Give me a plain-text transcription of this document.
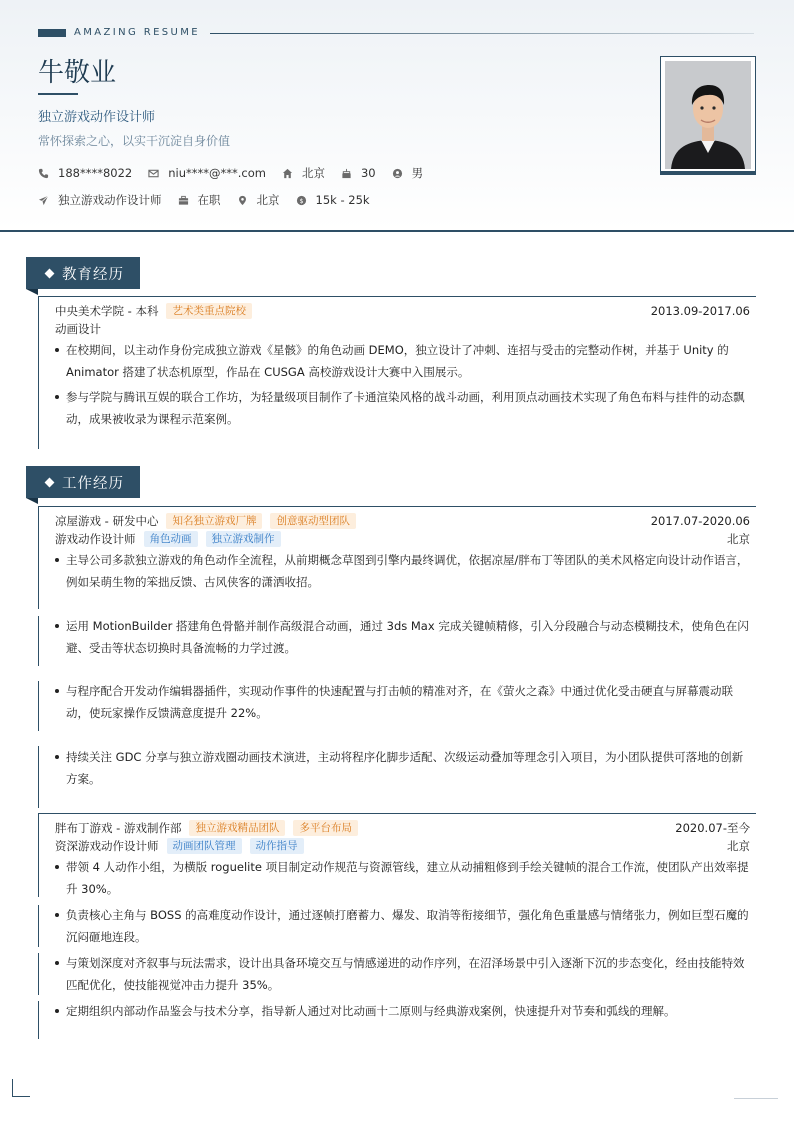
AMAZING RESUME
牛敬业
独立游戏动作设计师
常怀探索之心，以实干沉淀自身价值
188****8022	niu****@***.com	北京	30	男
独立游戏动作设计师	在职	北京	$ 15k - 25k
教育经历
中央美术学院 - 本科	艺术类重点院校	2013.09-2017.06
动画设计
在校期间，以主动作身份完成独立游戏《星骸》的角色动画 DEMO，独立设计了冲刺、连招与受击的完整动作树，并基于 Unity 的 Animator 搭建了状态机原型，作品在 CUSGA 高校游戏设计大赛中入围展示。
参与学院与腾讯互娱的联合工作坊，为轻量级项目制作了卡通渲染风格的战斗动画，利用顶点动画技术实现了角色布料与挂件的动态飘动，成果被收录为课程示范案例。
工作经历
凉屋游戏 - 研发中心	知名独立游戏厂牌	创意驱动型团队	2017.07-2020.06
游戏动作设计师	角色动画	独立游戏制作	北京
主导公司多款独立游戏的角色动作全流程，从前期概念草图到引擎内最终调优，依据凉屋/胖布丁等团队的美术风格定向设计动作语言，例如呆萌生物的笨拙反馈、古风侠客的潇洒收招。
运用 MotionBuilder 搭建角色骨骼并制作高级混合动画，通过 3ds Max 完成关键帧精修，引入分段融合与动态模糊技术，使角色在闪避、受击等状态切换时具备流畅的力学过渡。
与程序配合开发动作编辑器插件，实现动作事件的快速配置与打击帧的精准对齐，在《萤火之森》中通过优化受击硬直与屏幕震动联动，使玩家操作反馈满意度提升 22%。
持续关注 GDC 分享与独立游戏圈动画技术演进，主动将程序化脚步适配、次级运动叠加等理念引入项目，为小团队提供可落地的创新方案。
胖布丁游戏 - 游戏制作部	独立游戏精品团队	多平台布局	2020.07-至今
资深游戏动作设计师	动画团队管理	动作指导	北京
带领 4 人动作小组，为横版 roguelite 项目制定动作规范与资源管线，建立从动捕粗修到手绘关键帧的混合工作流，使团队产出效率提升 30%。
负责核心主角与 BOSS 的高难度动作设计，通过逐帧打磨蓄力、爆发、取消等衔接细节，强化角色重量感与情绪张力，例如巨型石魔的沉闷砸地连段。
与策划深度对齐叙事与玩法需求，设计出具备环境交互与情感递进的动作序列，在沼泽场景中引入逐渐下沉的步态变化，经由技能特效匹配优化，使技能视觉冲击力提升 35%。
定期组织内部动作品鉴会与技术分享，指导新人通过对比动画十二原则与经典游戏案例，快速提升对节奏和弧线的理解。
